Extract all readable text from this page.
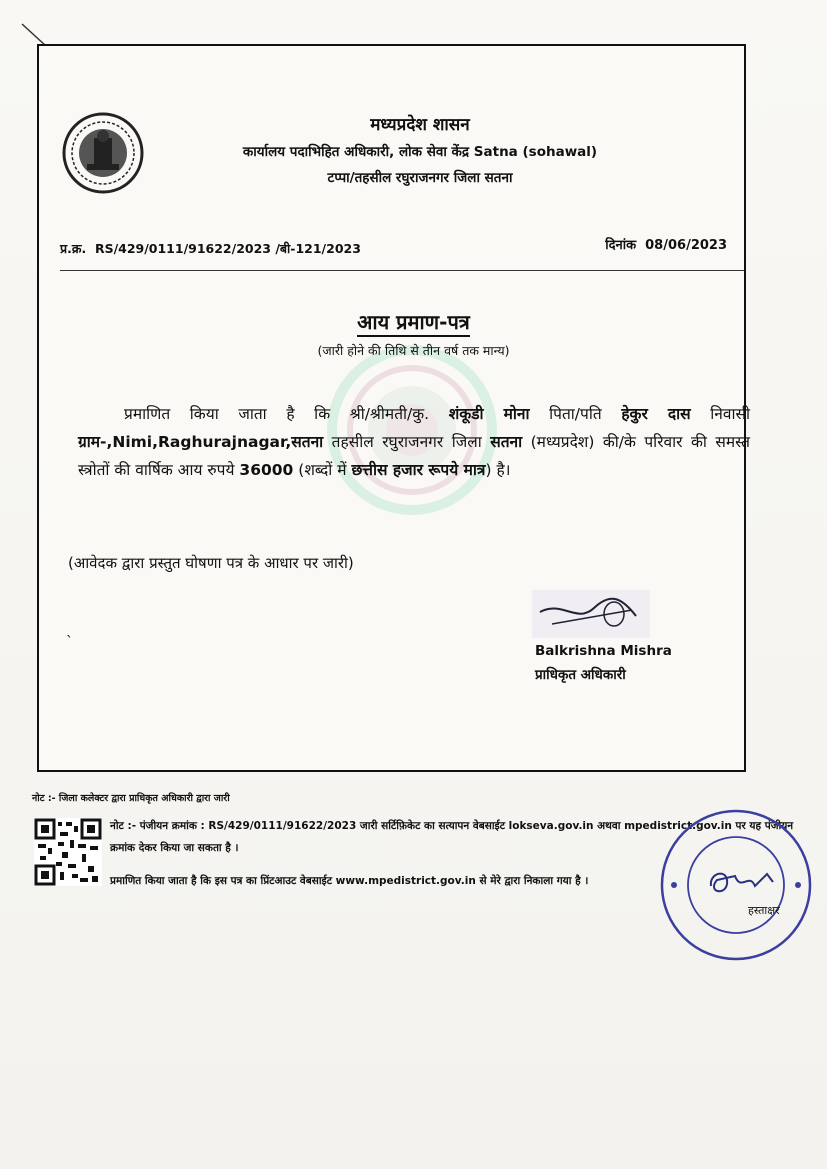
मध्यप्रदेश शासन
कार्यालय पदाभिहित अधिकारी, लोक सेवा केंद्र Satna (sohawal)
टप्पा/तहसील रघुराजनगर जिला सतना
प्र.क्र. RS/429/0111/91622/2023 /बी-121/2023	दिनांक 08/06/2023
आय प्रमाण-पत्र
(जारी होने की तिथि से तीन वर्ष तक मान्य)
प्रमाणित किया जाता है कि श्री/श्रीमती/कु. शंकूडी मोना पिता/पति हेकुर दास निवासी ग्राम-,Nimi,Raghurajnagar,सतना तहसील रघुराजनगर जिला सतना (मध्यप्रदेश) की/के परिवार की समस्त स्त्रोतों की वार्षिक आय रुपये 36000 (शब्दों में छत्तीस हजार रूपये मात्र) है।
(आवेदक द्वारा प्रस्तुत घोषणा पत्र के आधार पर जारी)
ˎ
Balkrishna Mishra
प्राधिकृत अधिकारी
नोट :- जिला कलेक्टर द्वारा प्राधिकृत अधिकारी द्वारा जारी
नोट :- पंजीयन क्रमांक : RS/429/0111/91622/2023 जारी सर्टिफ़िकेट का सत्यापन वेबसाईट lokseva.gov.in अथवा mpedistrict.gov.in पर यह पंजीयन क्रमांक देकर किया जा सकता है ।
प्रमाणित किया जाता है कि इस पत्र का प्रिंटआउट वेबसाईट www.mpedistrict.gov.in से मेरे द्वारा निकाला गया है ।
हस्ताक्षर
